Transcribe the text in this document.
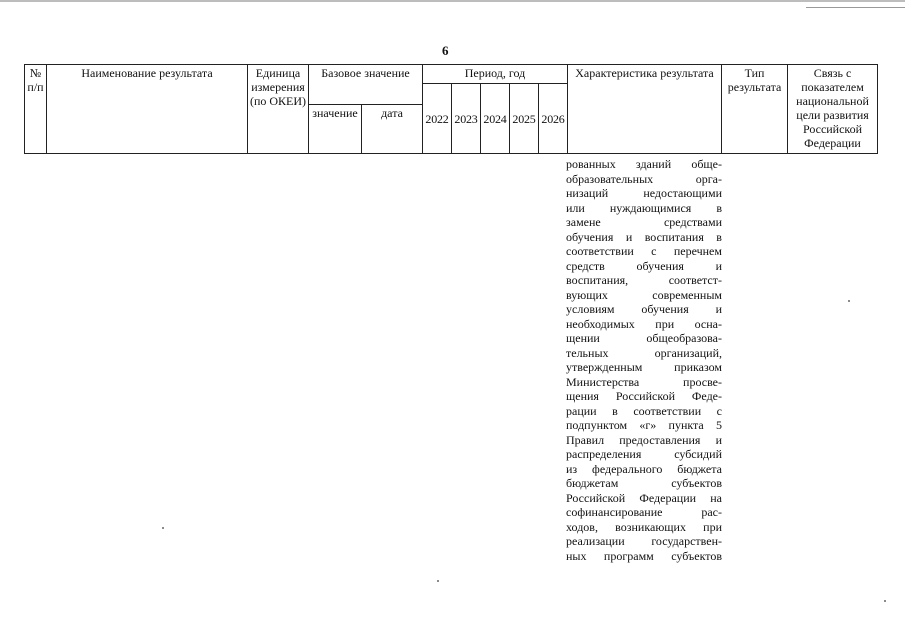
6
№ п/п	Наименование результата	Единица измерения (по ОКЕИ)	Базовое значение		Период, год					Характеристика результата	Тип результата	Связь с показателем национальной цели развития Российской Федерации
					2022	2023	2024	2025	2026			
			значение	дата								
рованных зданий обще-
образовательных	орга-
низаций	недостающими
или нуждающимися в
замене	средствами
обучения и воспитания в
соответствии с перечнем
средств	обучения	и
воспитания,	соответст-
вующих	современным
условиям обучения и
необходимых при осна-
щении	общеобразова-
тельных	организаций,
утвержденным	приказом
Министерства	просве-
щения Российской Феде-
рации в соответствии с
подпунктом «г» пункта 5
Правил предоставления и
распределения	субсидий
из федерального бюджета
бюджетам	субъектов
Российской Федерации на
софинансирование	рас-
ходов, возникающих при
реализации государствен-
ных программ субъектов
